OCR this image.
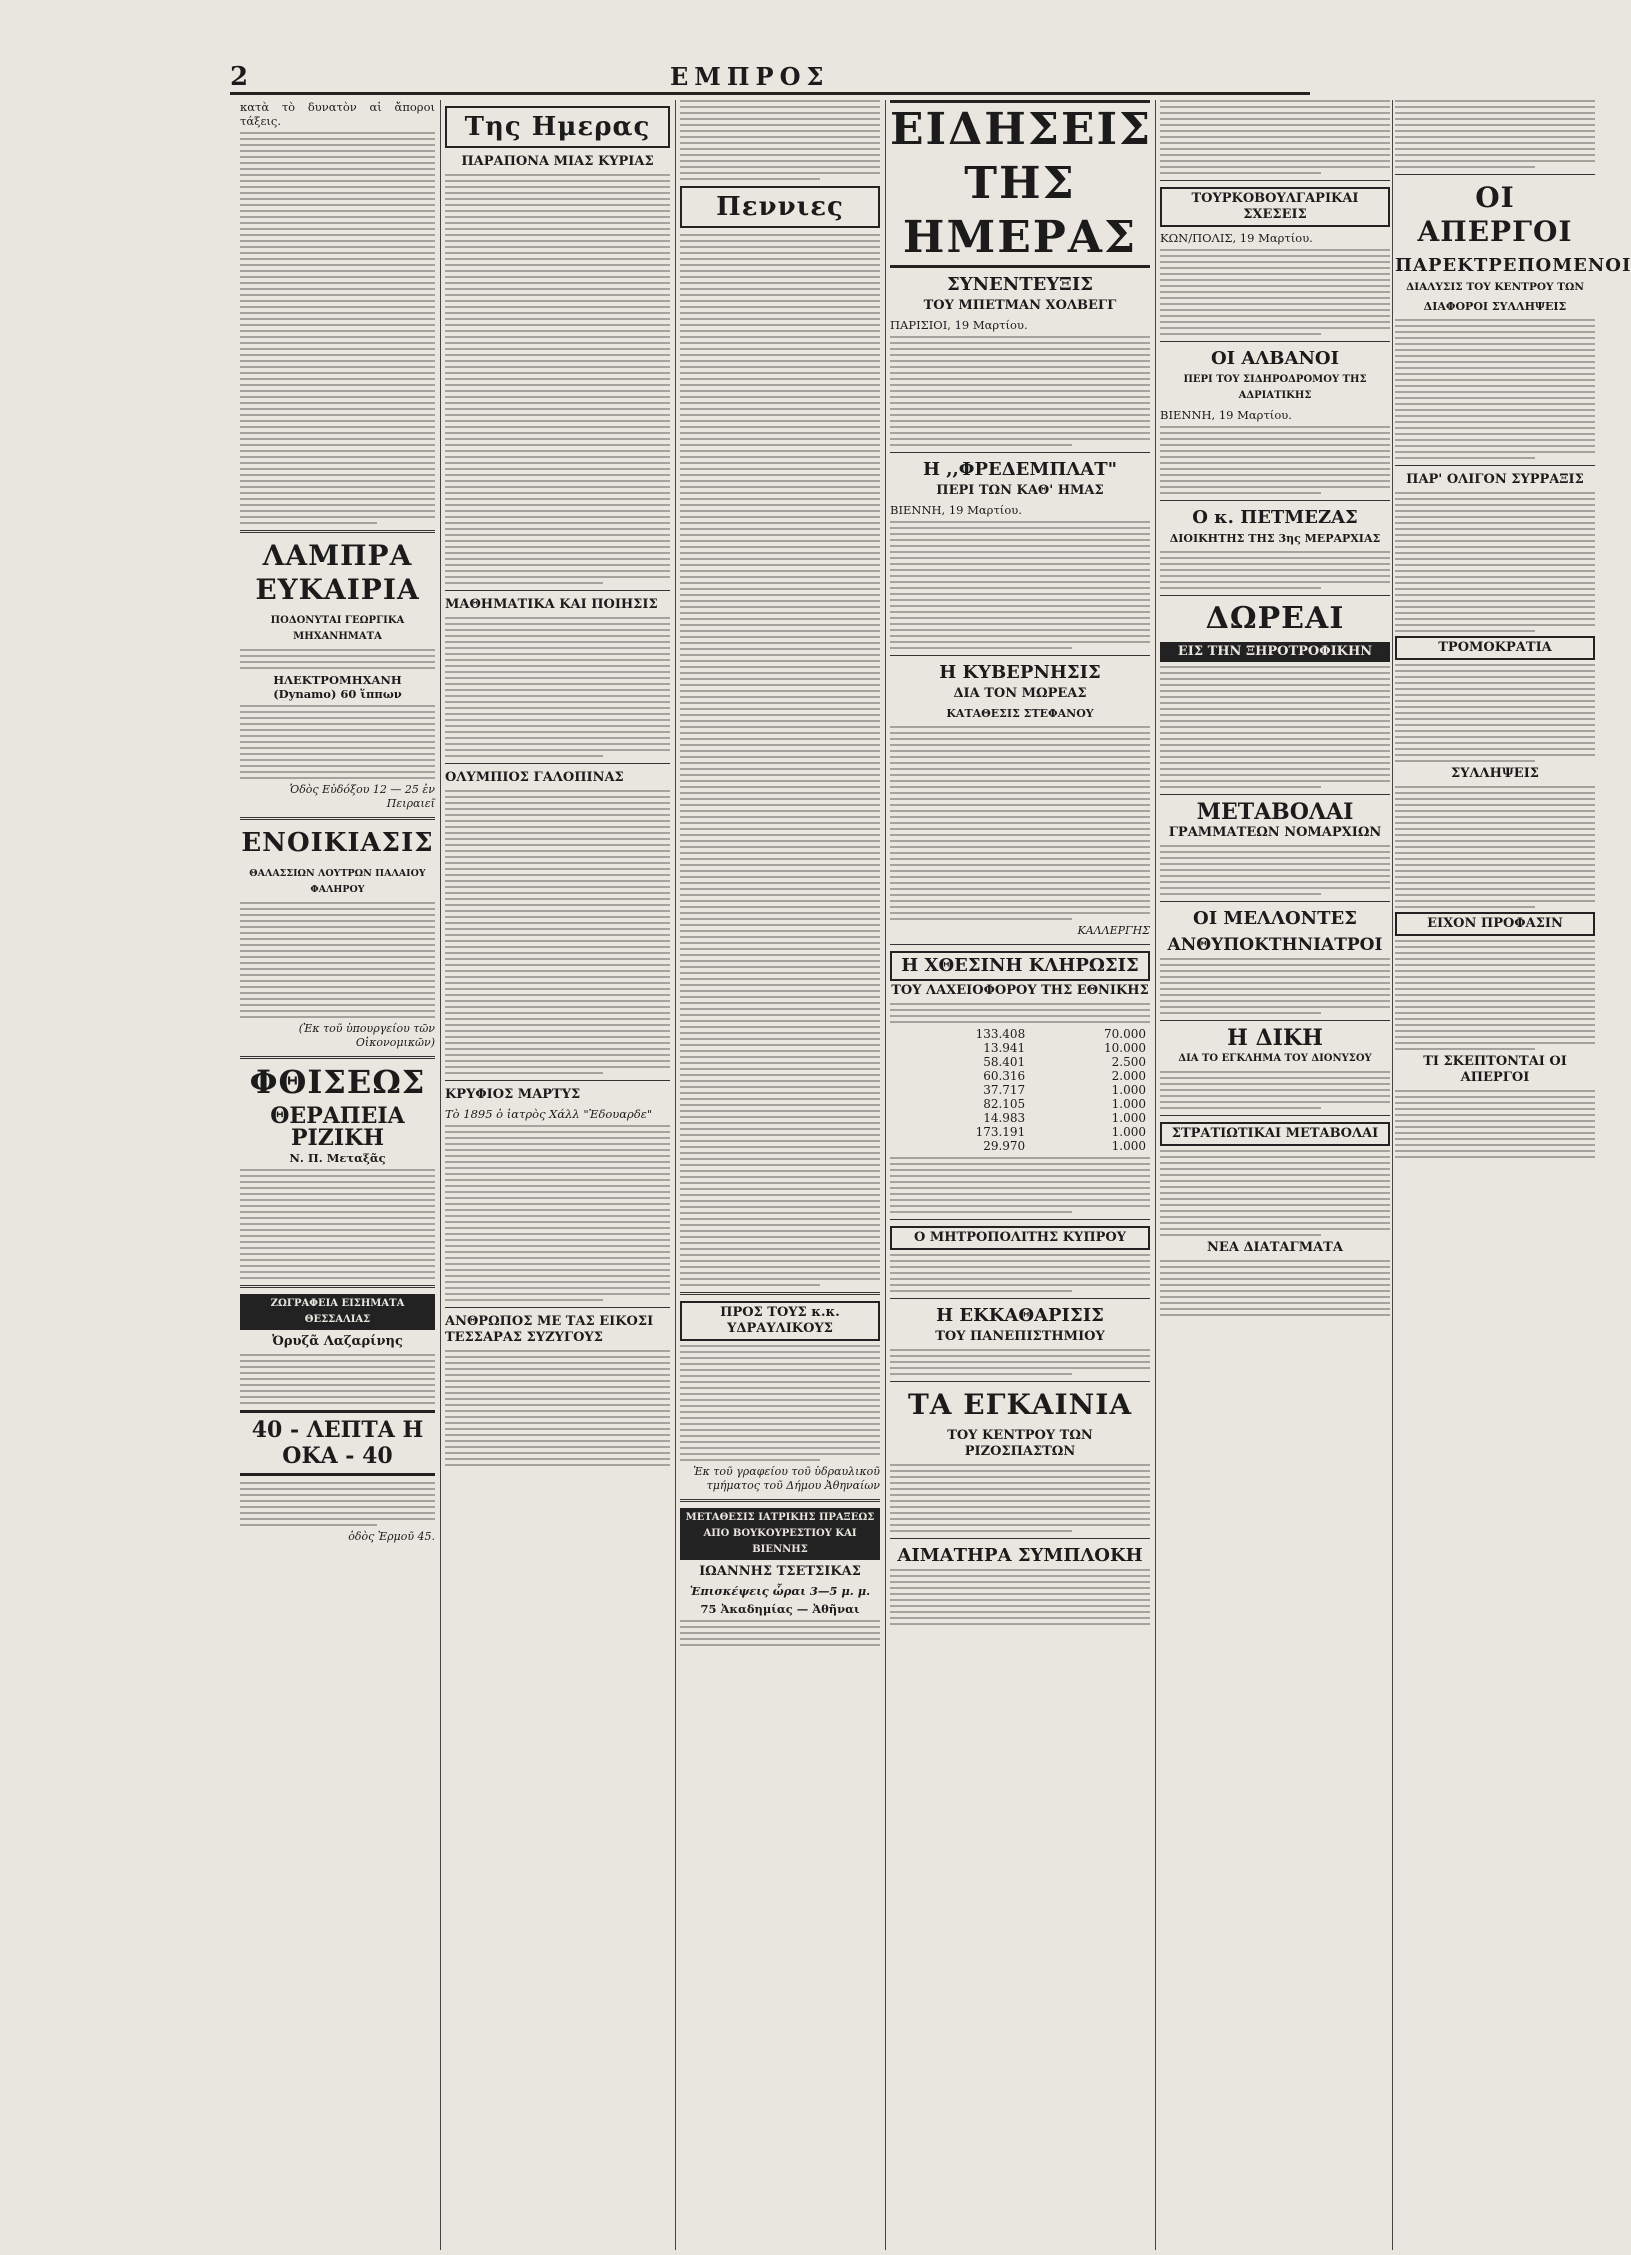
2	ΕΜΠΡΟΣ

κατὰ τὸ δυνατὸν αἱ ἄποροι τάξεις.

ΛΑΜΠΡΑ ΕΥΚΑΙΡΙΑ
ΠΟΔΟΝΥΤΑΙ ΓΕΩΡΓΙΚΑ ΜΗΧΑΝΗΜΑΤΑ

ΗΛΕΚΤΡΟΜΗΧΑΝΗ (Dynamo) 60 ἵππων

Ὁδὸς Εὐδόξου 12 — 25 ἐν Πειραιεῖ

ΕΝΟΙΚΙΑΣΙΣ
ΘΑΛΑΣΣΙΩΝ ΛΟΥΤΡΩΝ ΠΑΛΑΙΟΥ ΦΑΛΗΡΟΥ

(Ἐκ τοῦ ὑπουργείου τῶν Οἰκονομικῶν)

ΦΘΙΣΕΩΣ
ΘΕΡΑΠΕΙΑ ΡΙΖΙΚΗ

Ν. Π. Μεταξᾶς

ΖΩΓΡΑΦΕΙΑ ΕΙΣΗΜΑΤΑ ΘΕΣΣΑΛΙΑΣ
Ὀρυζᾶ Λαζαρίνης
40 - ΛΕΠΤΑ Η ΟΚΑ - 40

ὁδὸς Ἑρμοῦ 45.

Της Ημερας
ΠΑΡΑΠΟΝΑ ΜΙΑΣ ΚΥΡΙΑΣ
ΜΑΘΗΜΑΤΙΚΑ ΚΑΙ ΠΟΙΗΣΙΣ
ΟΛΥΜΠΙΟΣ ΓΑΛΟΠΙΝΑΣ
ΚΡΥΦΙΟΣ ΜΑΡΤΥΣ

Τὸ 1895 ὁ ἰατρὸς Χάλλ "Ἐδουαρδε"

ΑΝΘΡΩΠΟΣ ΜΕ ΤΑΣ ΕΙΚΟΣΙ ΤΕΣΣΑΡΑΣ ΣΥΖΥΓΟΥΣ
Πεννιες
ΠΡΟΣ ΤΟΥΣ κ.κ. ΥΔΡΑΥΛΙΚΟΥΣ

Ἐκ τοῦ γραφείου τοῦ ὑδραυλικοῦ τμήματος τοῦ Δήμου Ἀθηναίων

ΜΕΤΑΘΕΣΙΣ ΙΑΤΡΙΚΗΣ ΠΡΑΞΕΩΣ ΑΠΟ ΒΟΥΚΟΥΡΕΣΤΙΟΥ ΚΑΙ ΒΙΕΝΝΗΣ
ΙΩΑΝΝΗΣ ΤΣΕΤΣΙΚΑΣ

Ἐπισκέψεις ὧραι 3—5 μ. μ.

75 Ἀκαδημίας — Ἀθῆναι

ΕΙΔΗΣΕΙΣ ΤΗΣ ΗΜΕΡΑΣ
ΣΥΝΕΝΤΕΥΞΙΣ
ΤΟΥ ΜΠΕΤΜΑΝ ΧΟΛΒΕΓΓ

ΠΑΡΙΣΙΟΙ, 19 Μαρτίου.

Η ,,ΦΡΕΔΕΜΠΛΑΤ"
ΠΕΡΙ ΤΩΝ ΚΑΘ' ΗΜΑΣ

ΒΙΕΝΝΗ, 19 Μαρτίου.

Η ΚΥΒΕΡΝΗΣΙΣ
ΔΙΑ ΤΟΝ ΜΩΡΕΑΣ
ΚΑΤΑΘΕΣΙΣ ΣΤΕΦΑΝΟΥ

ΚΑΛΛΕΡΓΗΣ

Η ΧΘΕΣΙΝΗ ΚΛΗΡΩΣΙΣ
ΤΟΥ ΛΑΧΕΙΟΦΟΡΟΥ ΤΗΣ ΕΘΝΙΚΗΣ
133.408	70.000
13.941	10.000
58.401	2.500
60.316	2.000
37.717	1.000
82.105	1.000
14.983	1.000
173.191	1.000
29.970	1.000
Ο ΜΗΤΡΟΠΟΛΙΤΗΣ ΚΥΠΡΟΥ
Η ΕΚΚΑΘΑΡΙΣΙΣ
ΤΟΥ ΠΑΝΕΠΙΣΤΗΜΙΟΥ
ΤΑ ΕΓΚΑΙΝΙΑ
ΤΟΥ ΚΕΝΤΡΟΥ ΤΩΝ ΡΙΖΟΣΠΑΣΤΩΝ
ΑΙΜΑΤΗΡΑ ΣΥΜΠΛΟΚΗ

ΤΟΥΡΚΟΒΟΥΛΓΑΡΙΚΑΙ ΣΧΕΣΕΙΣ

ΚΩΝ/ΠΟΛΙΣ, 19 Μαρτίου.

ΟΙ ΑΛΒΑΝΟΙ
ΠΕΡΙ ΤΟΥ ΣΙΔΗΡΟΔΡΟΜΟΥ ΤΗΣ ΑΔΡΙΑΤΙΚΗΣ

ΒΙΕΝΝΗ, 19 Μαρτίου.

Ο κ. ΠΕΤΜΕΖΑΣ
ΔΙΟΙΚΗΤΗΣ ΤΗΣ 3ης ΜΕΡΑΡΧΙΑΣ
ΔΩΡΕΑΙ
ΕΙΣ ΤΗΝ ΞΗΡΟΤΡΟΦΙΚΗΝ
ΜΕΤΑΒΟΛΑΙ
ΓΡΑΜΜΑΤΕΩΝ ΝΟΜΑΡΧΙΩΝ
ΟΙ ΜΕΛΛΟΝΤΕΣ
ΑΝΘΥΠΟΚΤΗΝΙΑΤΡΟΙ
Η ΔΙΚΗ
ΔΙΑ ΤΟ ΕΓΚΛΗΜΑ ΤΟΥ ΔΙΟΝΥΣΟΥ
ΣΤΡΑΤΙΩΤΙΚΑΙ ΜΕΤΑΒΟΛΑΙ
ΝΕΑ ΔΙΑΤΑΓΜΑΤΑ
ΟΙ ΑΠΕΡΓΟΙ
ΠΑΡΕΚΤΡΕΠΟΜΕΝΟΙ
ΔΙΑΛΥΣΙΣ ΤΟΥ ΚΕΝΤΡΟΥ ΤΩΝ
ΔΙΑΦΟΡΟΙ ΣΥΛΛΗΨΕΙΣ
ΠΑΡ' ΟΛΙΓΟΝ ΣΥΡΡΑΞΙΣ
ΤΡΟΜΟΚΡΑΤΙΑ
ΣΥΛΛΗΨΕΙΣ
ΕΙΧΟΝ ΠΡΟΦΑΣΙΝ
ΤΙ ΣΚΕΠΤΟΝΤΑΙ ΟΙ ΑΠΕΡΓΟΙ
